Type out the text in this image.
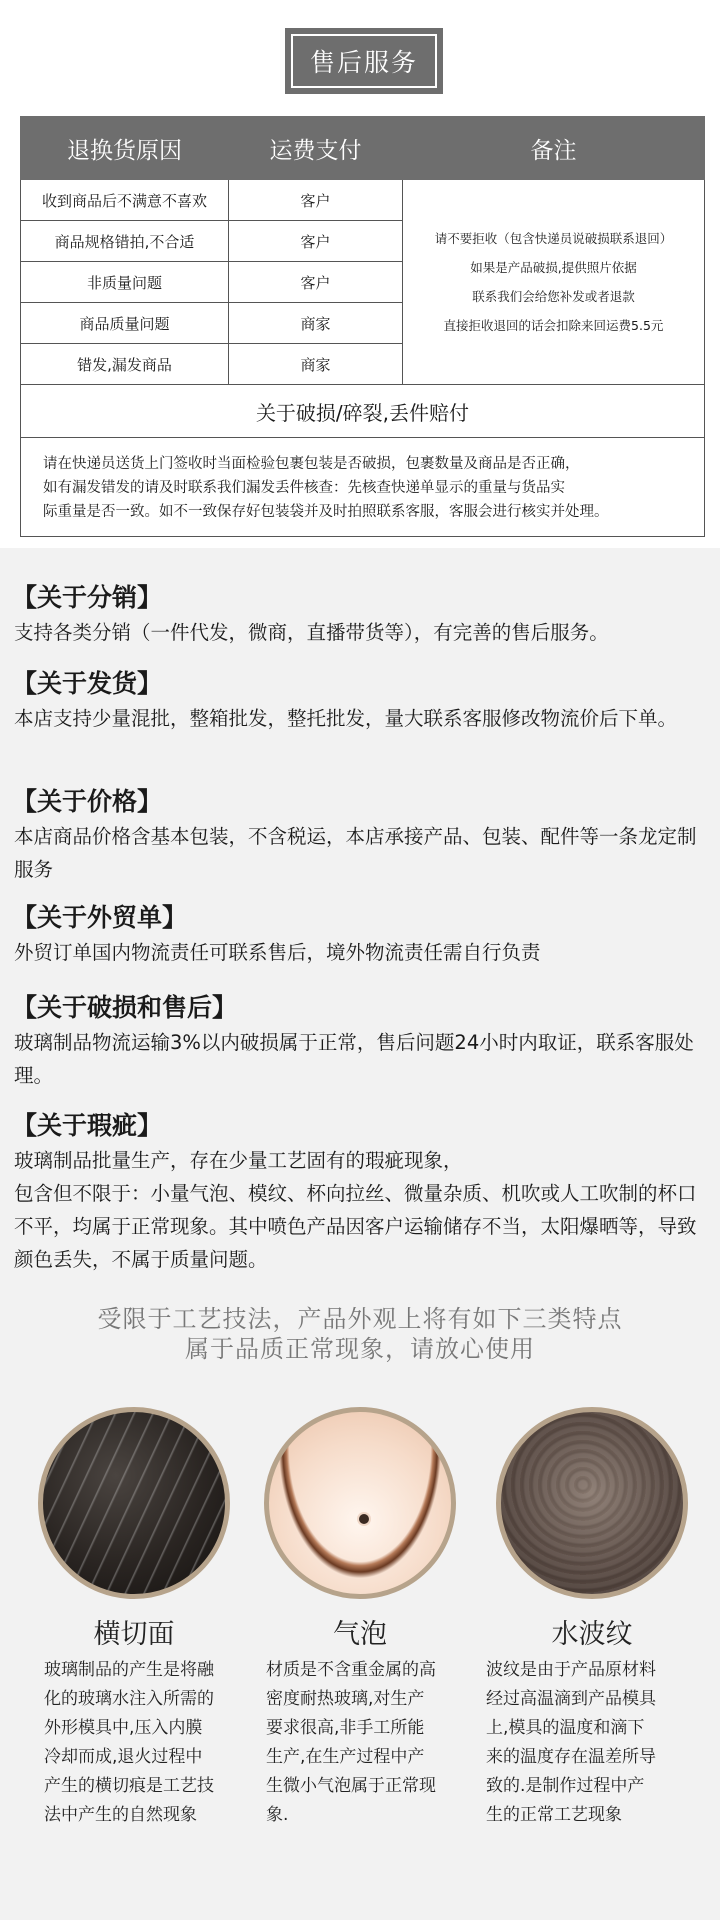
售后服务
退换货原因	运费支付	备注
收到商品后不满意不喜欢	客户	请不要拒收（包含快递员说破损联系退回）
如果是产品破损,提供照片依据
联系我们会给您补发或者退款
直接拒收退回的话会扣除来回运费5.5元

商品规格错拍,不合适	客户	
非质量问题	客户	
商品质量问题	商家	
错发,漏发商品	商家	
关于破损/碎裂,丢件赔付		

请在快递员送货上门签收时当面检验包裹包装是否破损，包裹数量及商品是否正确，
如有漏发错发的请及时联系我们漏发丢件核查：先核查快递单显示的重量与货品实
际重量是否一致。如不一致保存好包装袋并及时拍照联系客服，客服会进行核实并处理。		
【关于分销】

支持各类分销（一件代发，微商，直播带货等），有完善的售后服务。

【关于发货】

本店支持少量混批，整箱批发，整托批发，量大联系客服修改物流价后下单。

【关于价格】

本店商品价格含基本包装，不含税运，本店承接产品、包装、配件等一条龙定制服务

【关于外贸单】

外贸订单国内物流责任可联系售后，境外物流责任需自行负责

【关于破损和售后】

玻璃制品物流运输3%以内破损属于正常，售后问题24小时内取证，联系客服处理。

【关于瑕疵】

玻璃制品批量生产，存在少量工艺固有的瑕疵现象，
包含但不限于：小量气泡、模纹、杯向拉丝、微量杂质、机吹或人工吹制的杯口不平，均属于正常现象。其中喷色产品因客户运输储存不当，太阳爆晒等，导致颜色丢失，不属于质量问题。

受限于工艺技法，产品外观上将有如下三类特点
属于品质正常现象，请放心使用
横切面	气泡	水波纹

玻璃制品的产生是将融化的玻璃水注入所需的外形模具中,压入内膜冷却而成,退火过程中产生的横切痕是工艺技法中产生的自然现象

材质是不含重金属的高密度耐热玻璃,对生产要求很高,非手工所能生产,在生产过程中产生微小气泡属于正常现象.

波纹是由于产品原材料经过高温滴到产品模具上,模具的温度和滴下来的温度存在温差所导致的.是制作过程中产生的正常工艺现象
